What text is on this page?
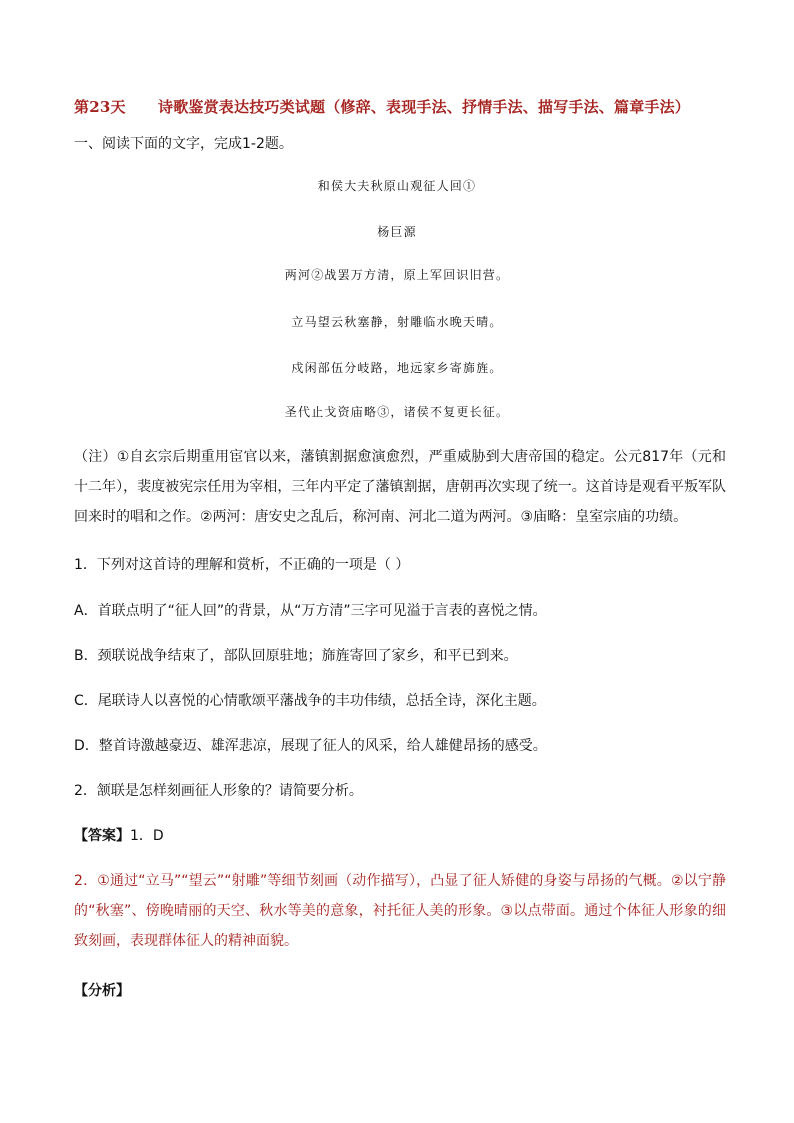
第23天 诗歌鉴赏表达技巧类试题（修辞、表现手法、抒情手法、描写手法、篇章手法）
一、阅读下面的文字，完成1-2题。
和侯大夫秋原山观征人回①
杨巨源
两河②战罢万方清，原上军回识旧营。
立马望云秋塞静，射雕临水晚天晴。
戍闲部伍分岐路，地远家乡寄旆旌。
圣代止戈资庙略③，诸侯不复更长征。
（注）①自玄宗后期重用宦官以来，藩镇割据愈演愈烈，严重威胁到大唐帝国的稳定。公元817年（元和十二年），裴度被宪宗任用为宰相，三年内平定了藩镇割据，唐朝再次实现了统一。这首诗是观看平叛军队回来时的唱和之作。②两河：唐安史之乱后，称河南、河北二道为两河。③庙略：皇室宗庙的功绩。
1．下列对这首诗的理解和赏析，不正确的一项是（ ）
A．首联点明了“征人回”的背景，从“万方清”三字可见溢于言表的喜悦之情。
B．颈联说战争结束了，部队回原驻地；旆旌寄回了家乡，和平已到来。
C．尾联诗人以喜悦的心情歌颂平藩战争的丰功伟绩，总括全诗，深化主题。
D．整首诗激越豪迈、雄浑悲凉，展现了征人的风采，给人雄健昂扬的感受。
2．颔联是怎样刻画征人形象的？请简要分析。
【答案】1．D
2．①通过“立马”“望云”“射雕”等细节刻画（动作描写），凸显了征人矫健的身姿与昂扬的气概。②以宁静的“秋塞”、傍晚晴丽的天空、秋水等美的意象，衬托征人美的形象。③以点带面。通过个体征人形象的细致刻画，表现群体征人的精神面貌。
【分析】
